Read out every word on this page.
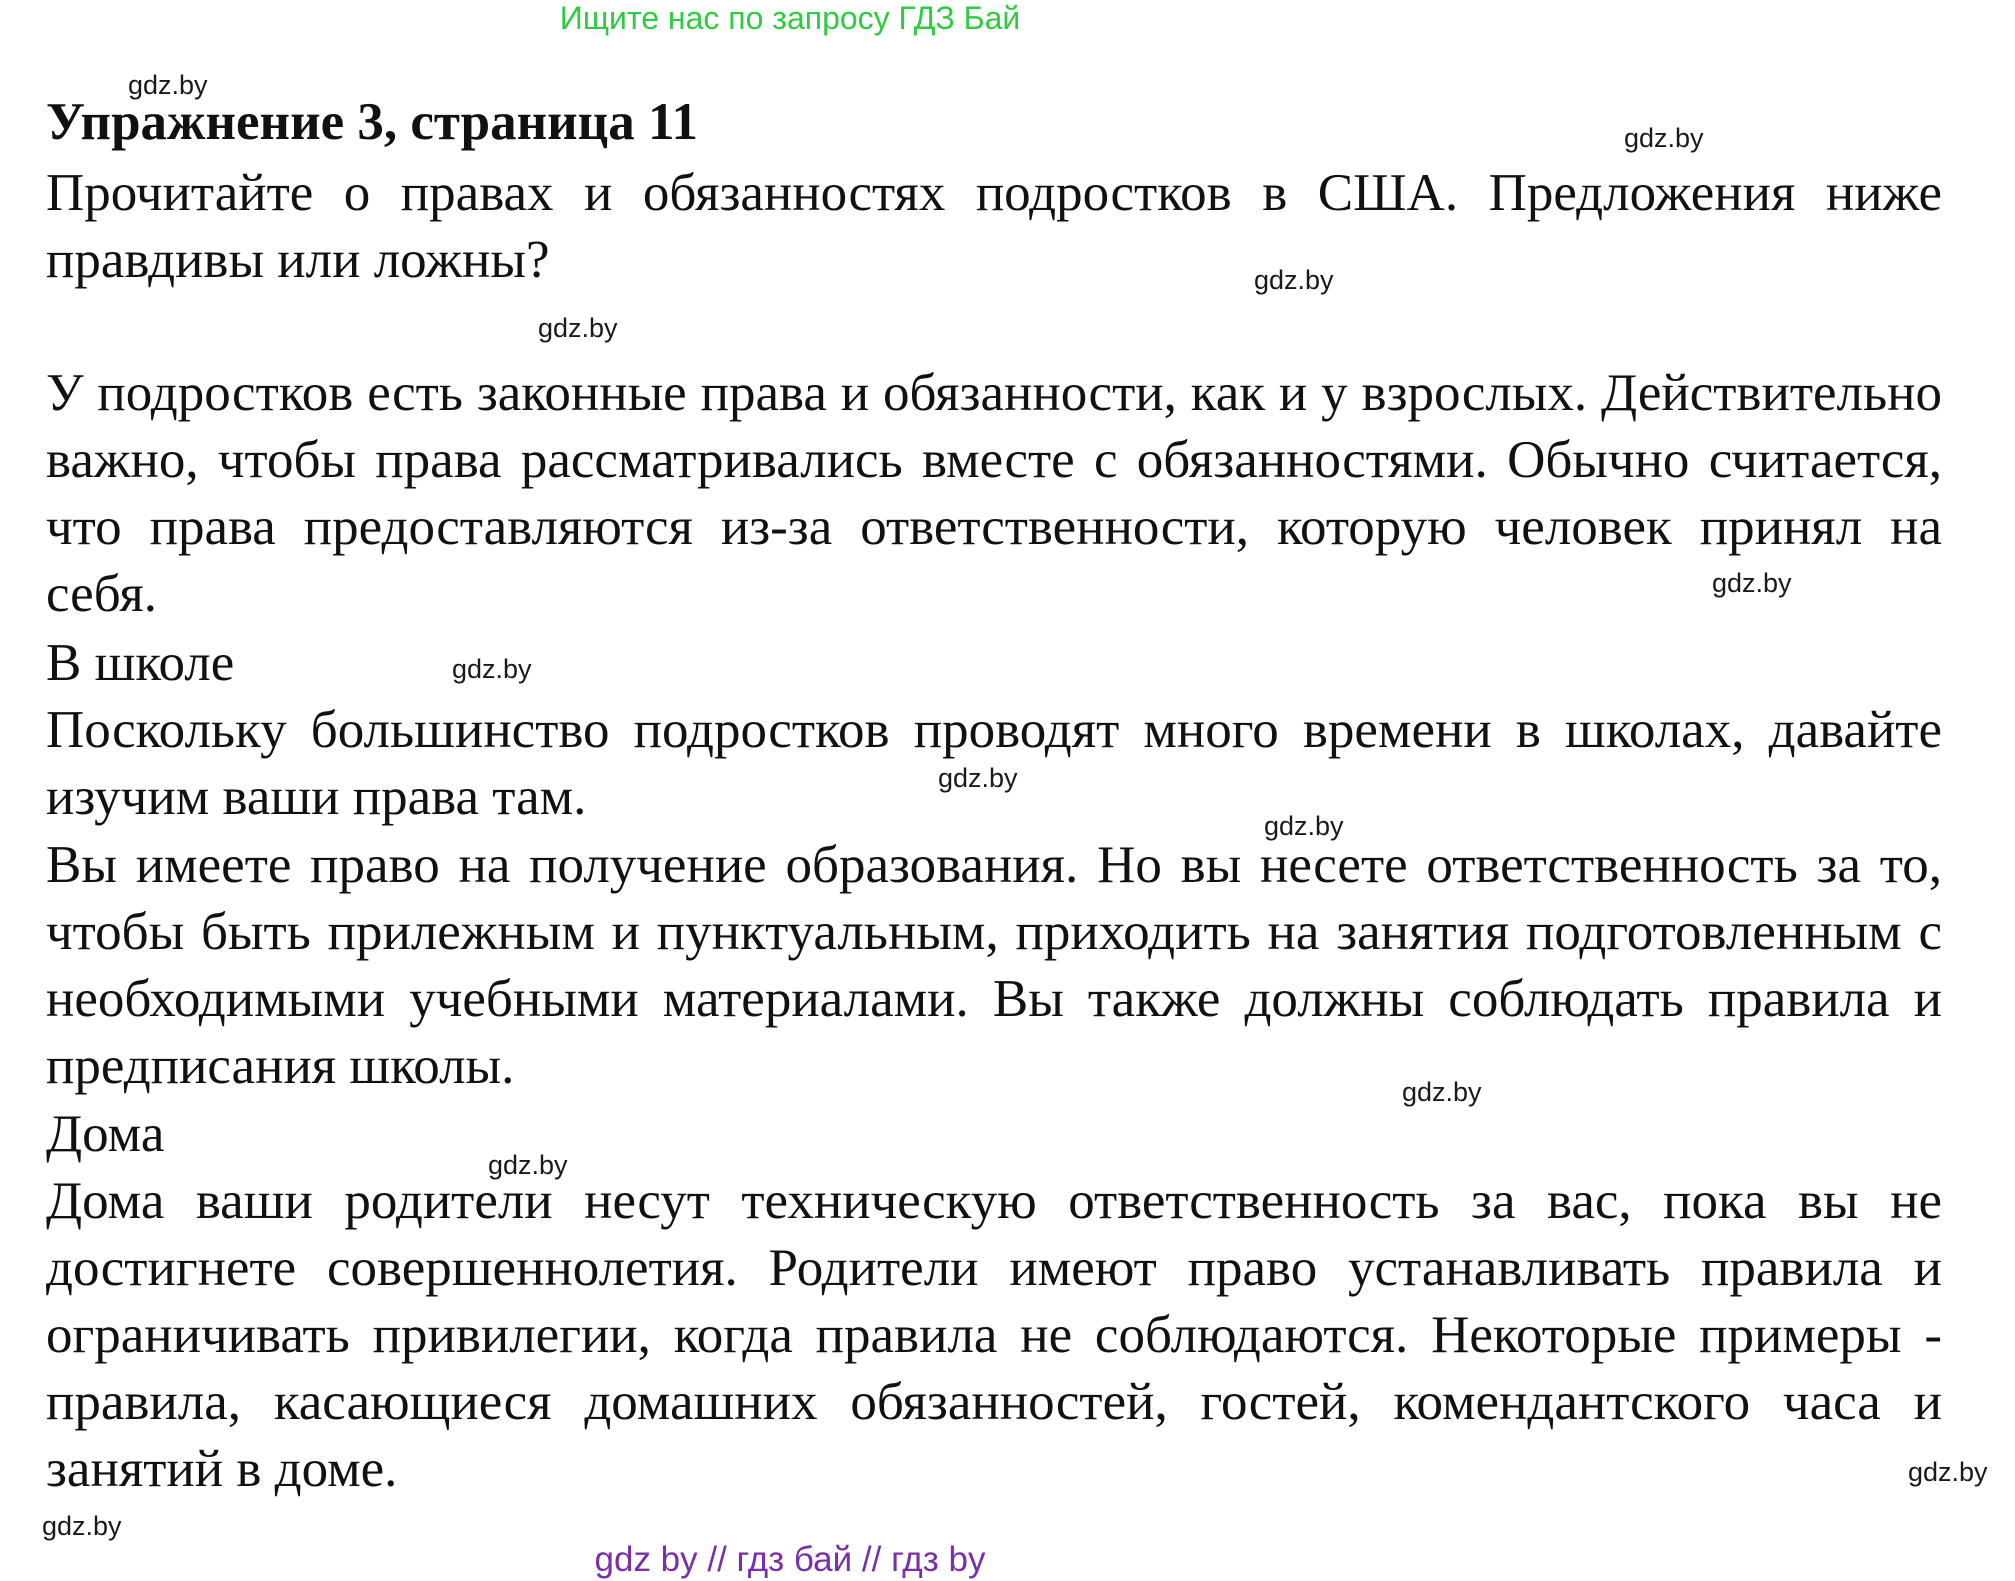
Ищите нас по запросу ГДЗ Бай
Упражнение 3, страница 11

Прочитайте о правах и обязанностях подростков в США. Предложения ниже правдивы или ложны?

У подростков есть законные права и обязанности, как и у взрослых. Действительно важно, чтобы права рассматривались вместе с обязанностями. Обычно считается, что права предоставляются из-за ответственности, которую человек принял на себя.

В школе

Поскольку большинство подростков проводят много времени в школах, давайте изучим ваши права там.

Вы имеете право на получение образования. Но вы несете ответственность за то, чтобы быть прилежным и пунктуальным, приходить на занятия подготовленным с необходимыми учебными материалами. Вы также должны соблюдать правила и предписания школы.

Дома

Дома ваши родители несут техническую ответственность за вас, пока вы не достигнете совершеннолетия. Родители имеют право устанавливать правила и ограничивать привилегии, когда правила не соблюдаются. Некоторые примеры - правила, касающиеся домашних обязанностей, гостей, комендантского часа и занятий в доме.

gdz.by
gdz.by
gdz.by
gdz.by
gdz.by
gdz.by
gdz.by
gdz.by
gdz.by
gdz.by
gdz.by
gdz.by
gdz by // гдз бай // гдз by
